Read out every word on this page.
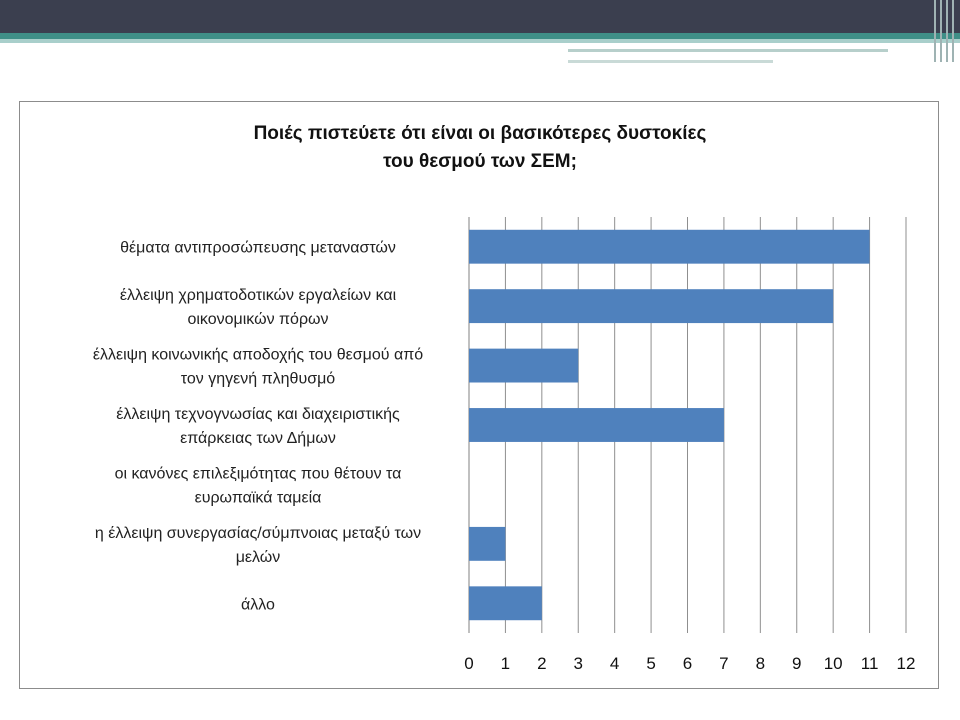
Ποιές πιστεύετε ότι είναι οι βασικότερες δυστοκίες
του θεσμού των ΣΕΜ;
θέματα αντιπροσώπευσης μεταναστών
έλλειψη χρηματοδοτικών εργαλείων και
οικονομικών πόρων
έλλειψη κοινωνικής αποδοχής του θεσμού από
τον γηγενή πληθυσμό
έλλειψη τεχνογνωσίας και διαχειριστικής
επάρκειας των Δήμων
οι κανόνες επιλεξιμότητας που θέτουν τα
ευρωπαϊκά ταμεία
η έλλειψη συνεργασίας/σύμπνοιας μεταξύ των
μελών
άλλο
0 1 2 3 4 5 6 7 8 9 10 11 12
